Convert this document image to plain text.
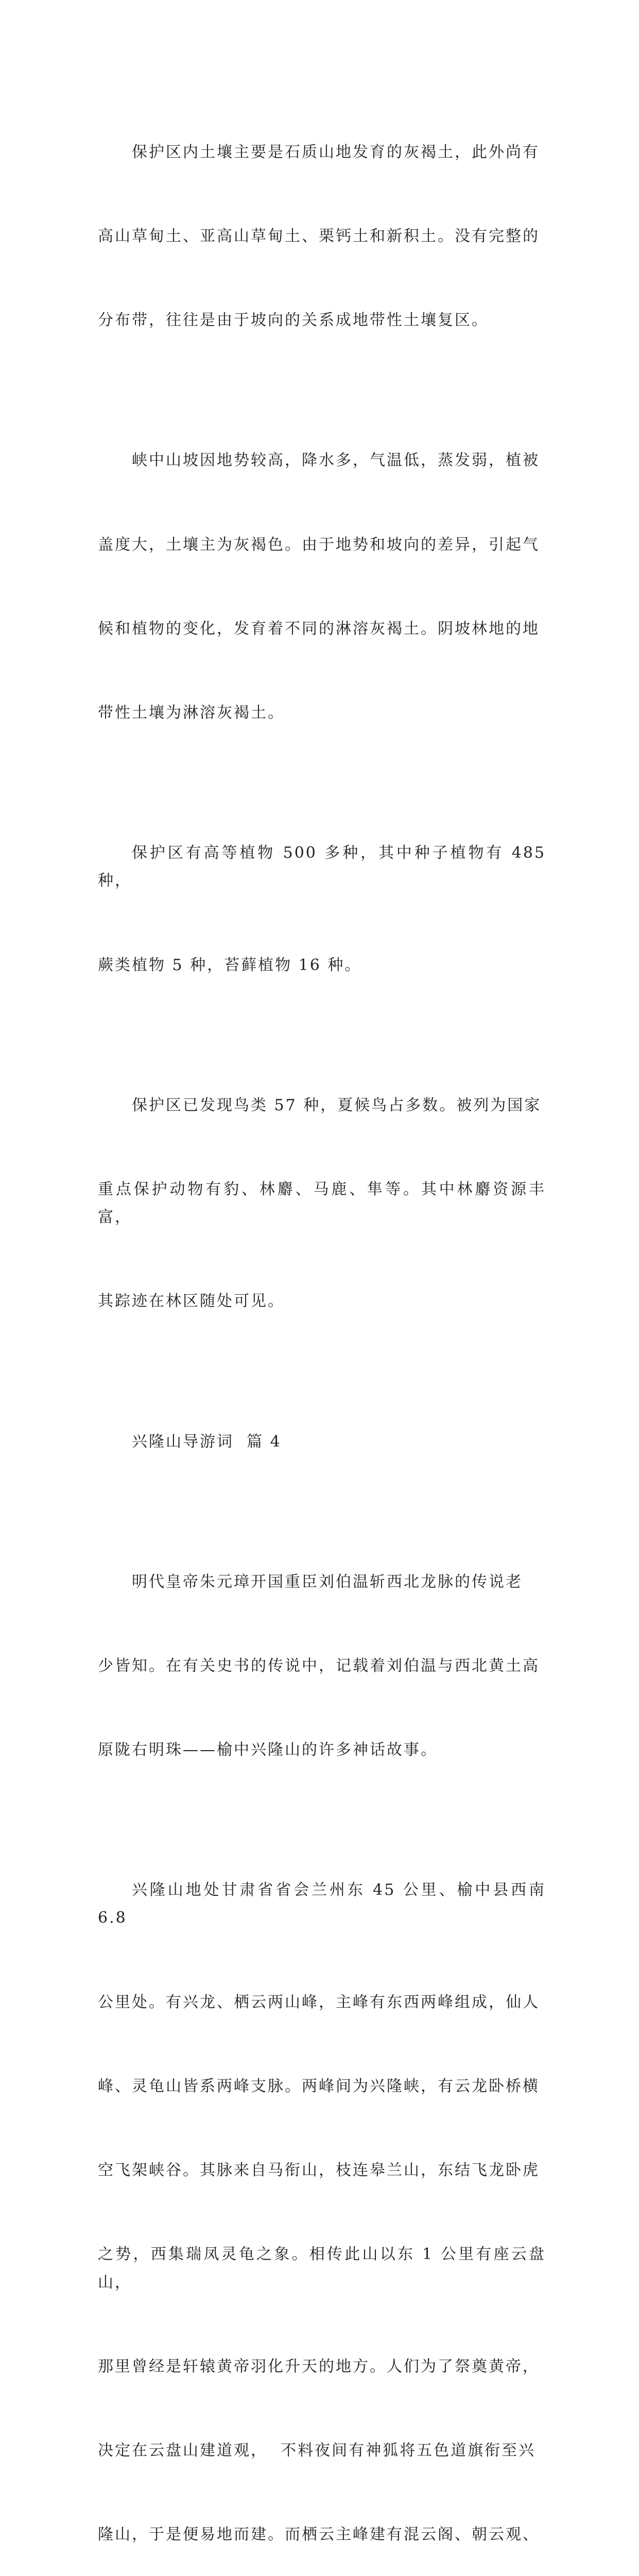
保护区内土壤主要是石质山地发育的灰褐土，此外尚有

高山草甸土、亚高山草甸土、栗钙土和新积土。没有完整的

分布带，往往是由于坡向的关系成地带性土壤复区。

峡中山坡因地势较高，降水多，气温低，蒸发弱，植被

盖度大，土壤主为灰褐色。由于地势和坡向的差异，引起气

候和植物的变化，发育着不同的淋溶灰褐土。阴坡林地的地

带性土壤为淋溶灰褐土。

保护区有高等植物 500 多种，其中种子植物有 485 种，

蕨类植物 5 种，苔藓植物 16 种。

保护区已发现鸟类 57 种，夏候鸟占多数。被列为国家

重点保护动物有豹、林麝、马鹿、隼等。其中林麝资源丰富，

其踪迹在林区随处可见。

兴隆山导游词  篇 4

明代皇帝朱元璋开国重臣刘伯温斩西北龙脉的传说老

少皆知。在有关史书的传说中，记载着刘伯温与西北黄土高

原陇右明珠——榆中兴隆山的许多神话故事。

兴隆山地处甘肃省省会兰州东 45 公里、榆中县西南 6.8

公里处。有兴龙、栖云两山峰，主峰有东西两峰组成，仙人

峰、灵龟山皆系两峰支脉。两峰间为兴隆峡，有云龙卧桥横

空飞架峡谷。其脉来自马衔山，枝连皋兰山，东结飞龙卧虎

之势，西集瑞凤灵龟之象。相传此山以东 1 公里有座云盘山，

那里曾经是轩辕黄帝羽化升天的地方。人们为了祭奠黄帝，

决定在云盘山建道观，  不料夜间有神狐将五色道旗衔至兴

隆山，于是便易地而建。而栖云主峰建有混云阁、朝云观、
